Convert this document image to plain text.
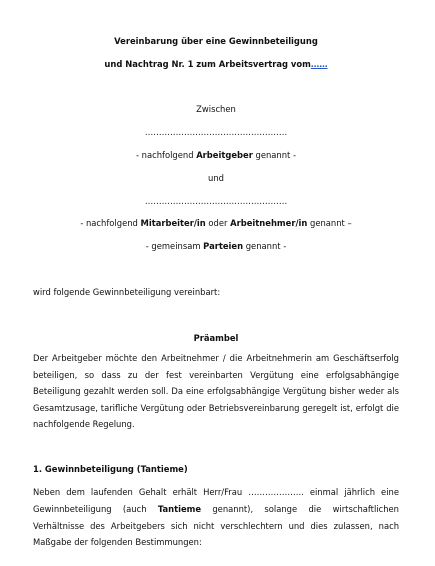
Vereinbarung über eine Gewinnbeteiligung
und Nachtrag Nr. 1 zum Arbeitsvertrag vom……
Zwischen
……………………………………………
- nachfolgend Arbeitgeber genannt -
und
……………………………………………
- nachfolgend Mitarbeiter/in oder Arbeitnehmer/in genannt –
- gemeinsam Parteien genannt -
wird folgende Gewinnbeteiligung vereinbart:
Präambel
Der Arbeitgeber möchte den Arbeitnehmer / die Arbeitnehmerin am Geschäftserfolg
beteiligen, so dass zu der fest vereinbarten Vergütung eine erfolgsabhängige
Beteiligung gezahlt werden soll. Da eine erfolgsabhängige Vergütung bisher weder als
Gesamtzusage, tarifliche Vergütung oder Betriebsvereinbarung geregelt ist, erfolgt die
nachfolgende Regelung.
1. Gewinnbeteiligung (Tantieme)
Neben dem laufenden Gehalt erhält Herr/Frau ……………….. einmal jährlich eine
Gewinnbeteiligung (auch Tantieme genannt), solange die wirtschaftlichen
Verhältnisse des Arbeitgebers sich nicht verschlechtern und dies zulassen, nach
Maßgabe der folgenden Bestimmungen:
